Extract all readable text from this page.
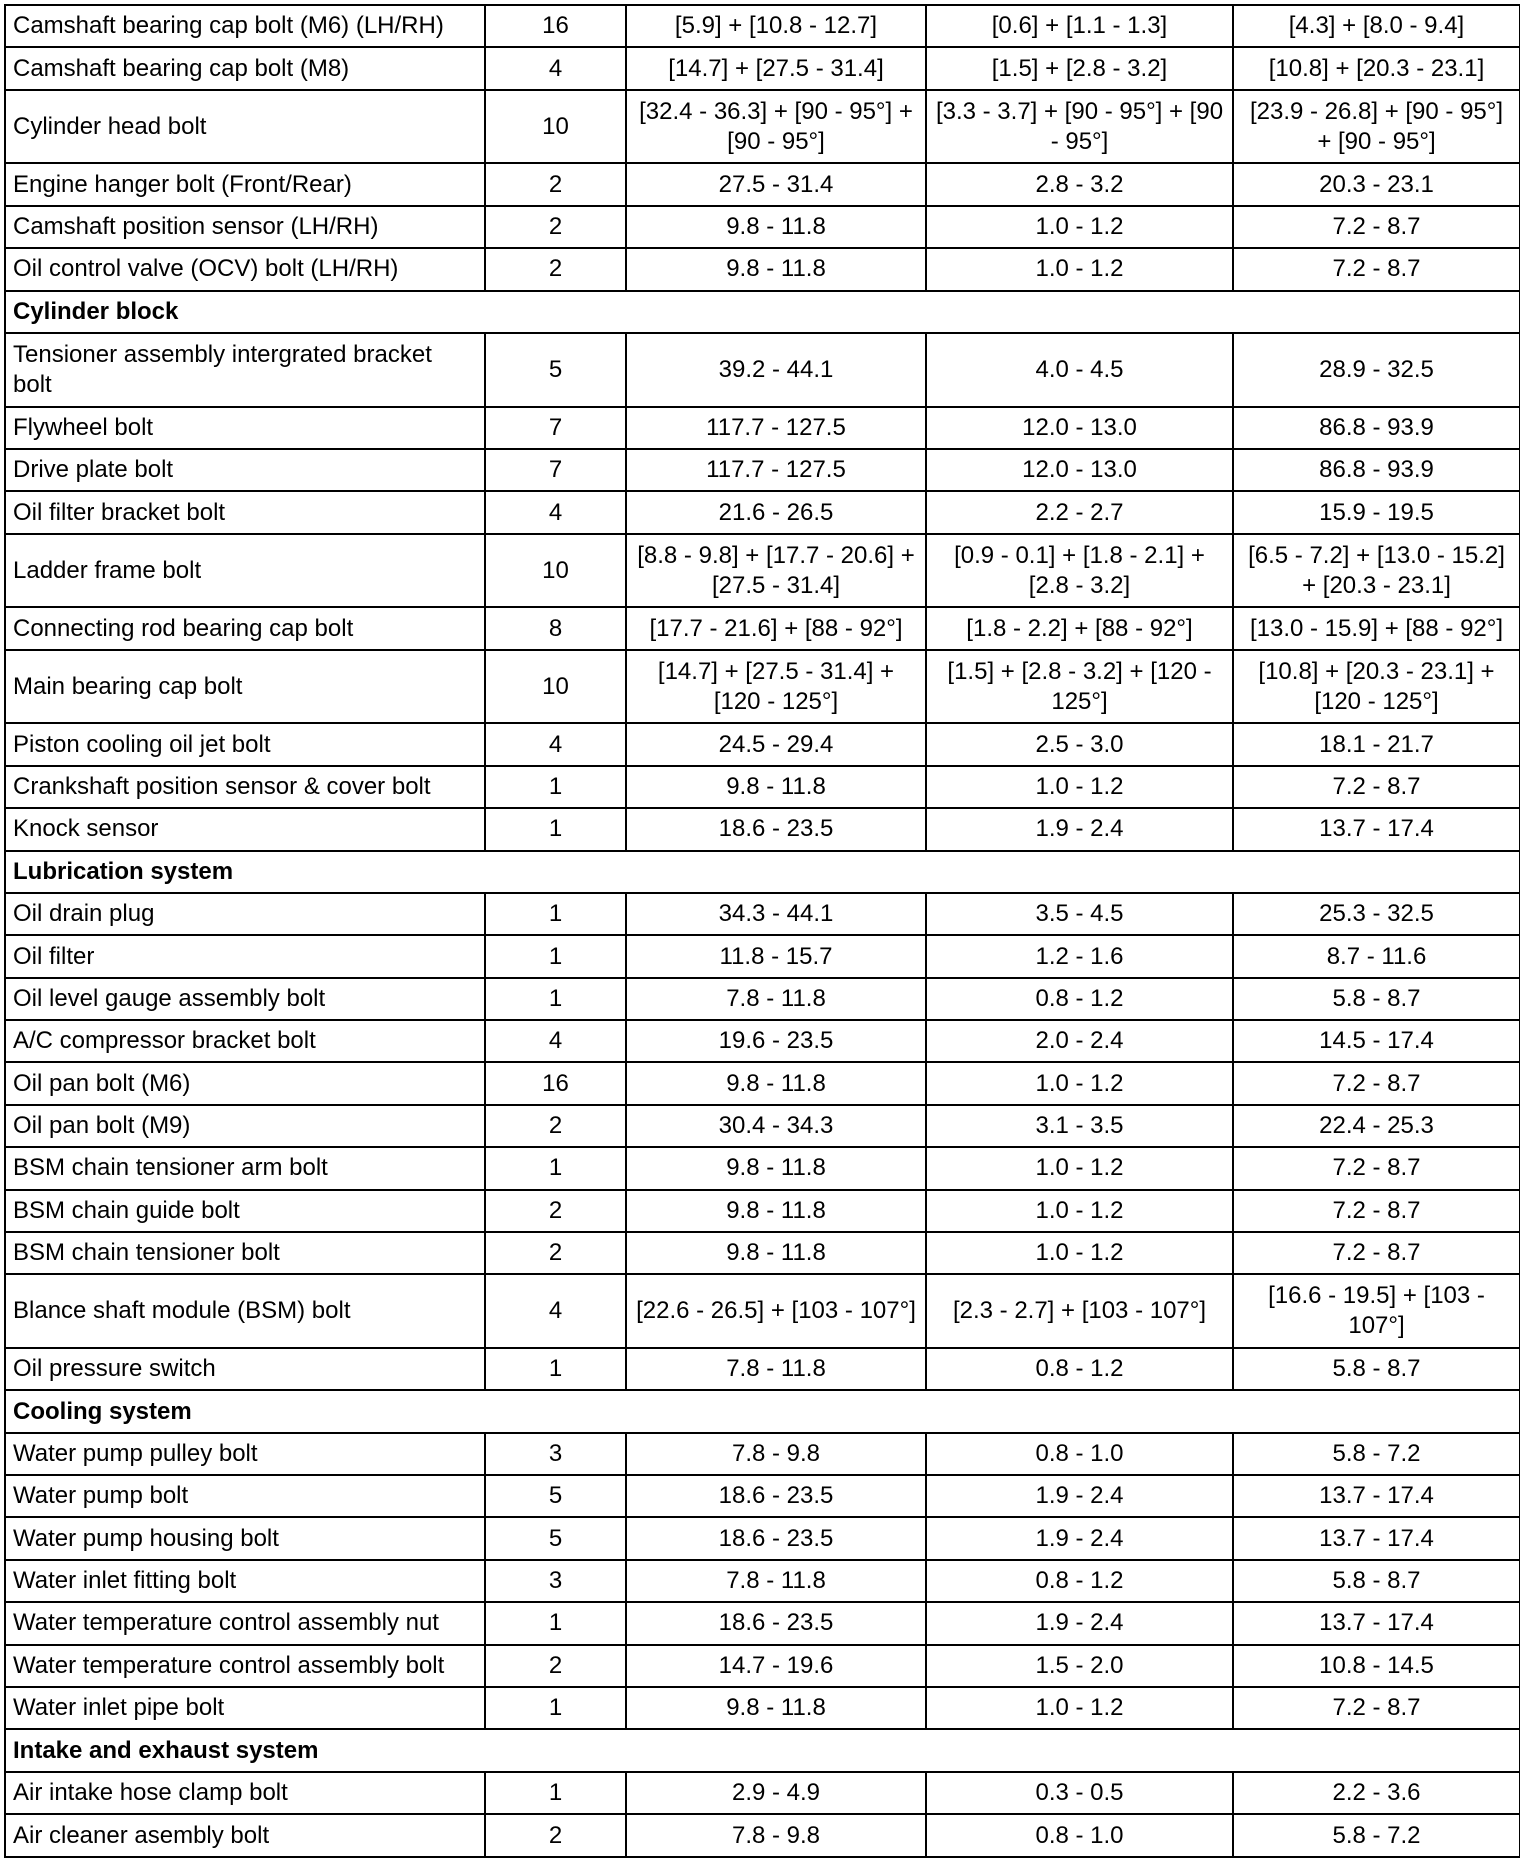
Camshaft bearing cap bolt (M6) (LH/RH)	16	[5.9] + [10.8 - 12.7]	[0.6] + [1.1 - 1.3]	[4.3] + [8.0 - 9.4]
Camshaft bearing cap bolt (M8)	4	[14.7] + [27.5 - 31.4]	[1.5] + [2.8 - 3.2]	[10.8] + [20.3 - 23.1]
Cylinder head bolt	10	[32.4 - 36.3] + [90 - 95°] + [90 - 95°]	[3.3 - 3.7] + [90 - 95°] + [90 - 95°]	[23.9 - 26.8] + [90 - 95°] + [90 - 95°]
Engine hanger bolt (Front/Rear)	2	27.5 - 31.4	2.8 - 3.2	20.3 - 23.1
Camshaft position sensor (LH/RH)	2	9.8 - 11.8	1.0 - 1.2	7.2 - 8.7
Oil control valve (OCV) bolt (LH/RH)	2	9.8 - 11.8	1.0 - 1.2	7.2 - 8.7
Cylinder block				
Tensioner assembly intergrated bracket bolt	5	39.2 - 44.1	4.0 - 4.5	28.9 - 32.5
Flywheel bolt	7	117.7 - 127.5	12.0 - 13.0	86.8 - 93.9
Drive plate bolt	7	117.7 - 127.5	12.0 - 13.0	86.8 - 93.9
Oil filter bracket bolt	4	21.6 - 26.5	2.2 - 2.7	15.9 - 19.5
Ladder frame bolt	10	[8.8 - 9.8] + [17.7 - 20.6] + [27.5 - 31.4]	[0.9 - 0.1] + [1.8 - 2.1] + [2.8 - 3.2]	[6.5 - 7.2] + [13.0 - 15.2] + [20.3 - 23.1]
Connecting rod bearing cap bolt	8	[17.7 - 21.6] + [88 - 92°]	[1.8 - 2.2] + [88 - 92°]	[13.0 - 15.9] + [88 - 92°]
Main bearing cap bolt	10	[14.7] + [27.5 - 31.4] + [120 - 125°]	[1.5] + [2.8 - 3.2] + [120 - 125°]	[10.8] + [20.3 - 23.1] + [120 - 125°]
Piston cooling oil jet bolt	4	24.5 - 29.4	2.5 - 3.0	18.1 - 21.7
Crankshaft position sensor & cover bolt	1	9.8 - 11.8	1.0 - 1.2	7.2 - 8.7
Knock sensor	1	18.6 - 23.5	1.9 - 2.4	13.7 - 17.4
Lubrication system				
Oil drain plug	1	34.3 - 44.1	3.5 - 4.5	25.3 - 32.5
Oil filter	1	11.8 - 15.7	1.2 - 1.6	8.7 - 11.6
Oil level gauge assembly bolt	1	7.8 - 11.8	0.8 - 1.2	5.8 - 8.7
A/C compressor bracket bolt	4	19.6 - 23.5	2.0 - 2.4	14.5 - 17.4
Oil pan bolt (M6)	16	9.8 - 11.8	1.0 - 1.2	7.2 - 8.7
Oil pan bolt (M9)	2	30.4 - 34.3	3.1 - 3.5	22.4 - 25.3
BSM chain tensioner arm bolt	1	9.8 - 11.8	1.0 - 1.2	7.2 - 8.7
BSM chain guide bolt	2	9.8 - 11.8	1.0 - 1.2	7.2 - 8.7
BSM chain tensioner bolt	2	9.8 - 11.8	1.0 - 1.2	7.2 - 8.7
Blance shaft module (BSM) bolt	4	[22.6 - 26.5] + [103 - 107°]	[2.3 - 2.7] + [103 - 107°]	[16.6 - 19.5] + [103 - 107°]
Oil pressure switch	1	7.8 - 11.8	0.8 - 1.2	5.8 - 8.7
Cooling system				
Water pump pulley bolt	3	7.8 - 9.8	0.8 - 1.0	5.8 - 7.2
Water pump bolt	5	18.6 - 23.5	1.9 - 2.4	13.7 - 17.4
Water pump housing bolt	5	18.6 - 23.5	1.9 - 2.4	13.7 - 17.4
Water inlet fitting bolt	3	7.8 - 11.8	0.8 - 1.2	5.8 - 8.7
Water temperature control assembly nut	1	18.6 - 23.5	1.9 - 2.4	13.7 - 17.4
Water temperature control assembly bolt	2	14.7 - 19.6	1.5 - 2.0	10.8 - 14.5
Water inlet pipe bolt	1	9.8 - 11.8	1.0 - 1.2	7.2 - 8.7
Intake and exhaust system				
Air intake hose clamp bolt	1	2.9 - 4.9	0.3 - 0.5	2.2 - 3.6
Air cleaner asembly bolt	2	7.8 - 9.8	0.8 - 1.0	5.8 - 7.2
